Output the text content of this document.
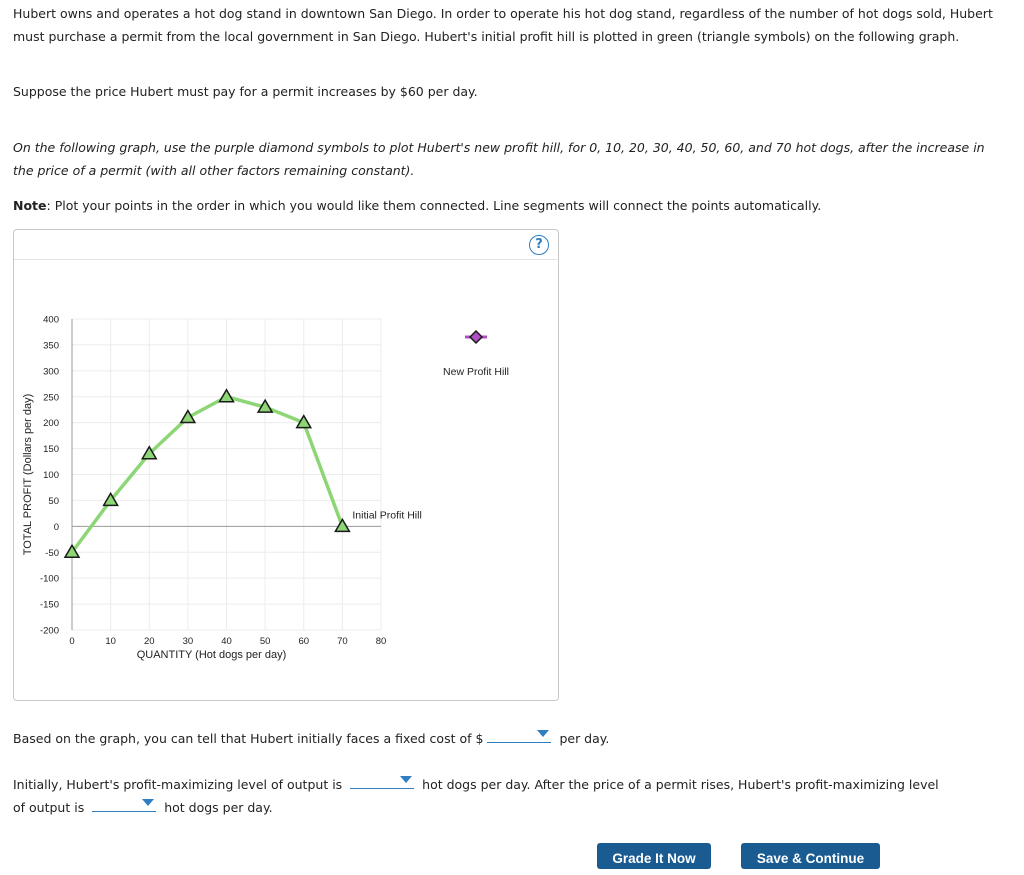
Hubert owns and operates a hot dog stand in downtown San Diego. In order to operate his hot dog stand, regardless of the number of hot dogs sold, Hubert must purchase a permit from the local government in San Diego. Hubert's initial profit hill is plotted in green (triangle symbols) on the following graph.

Suppose the price Hubert must pay for a permit increases by $60 per day.

On the following graph, use the purple diamond symbols to plot Hubert's new profit hill, for 0, 10, 20, 30, 40, 50, 60, and 70 hot dogs, after the increase in the price of a permit (with all other factors remaining constant).

Note: Plot your points in the order in which you would like them connected. Line segments will connect the points automatically.

?
0	10	20	30	40	50	60	70	80
400
350
300
250
200
150
100
50
0
-50
-100
-150
-200
TOTAL PROFIT (Dollars per day)
QUANTITY (Hot dogs per day)
Initial Profit Hill
New Profit Hill
Based on the graph, you can tell that Hubert initially faces a fixed cost of $	per day.
Initially, Hubert's profit-maximizing level of output is	hot dogs per day. After the price of a permit rises, Hubert's profit-maximizing level
of output is	hot dogs per day.
Grade It Now	Save & Continue
